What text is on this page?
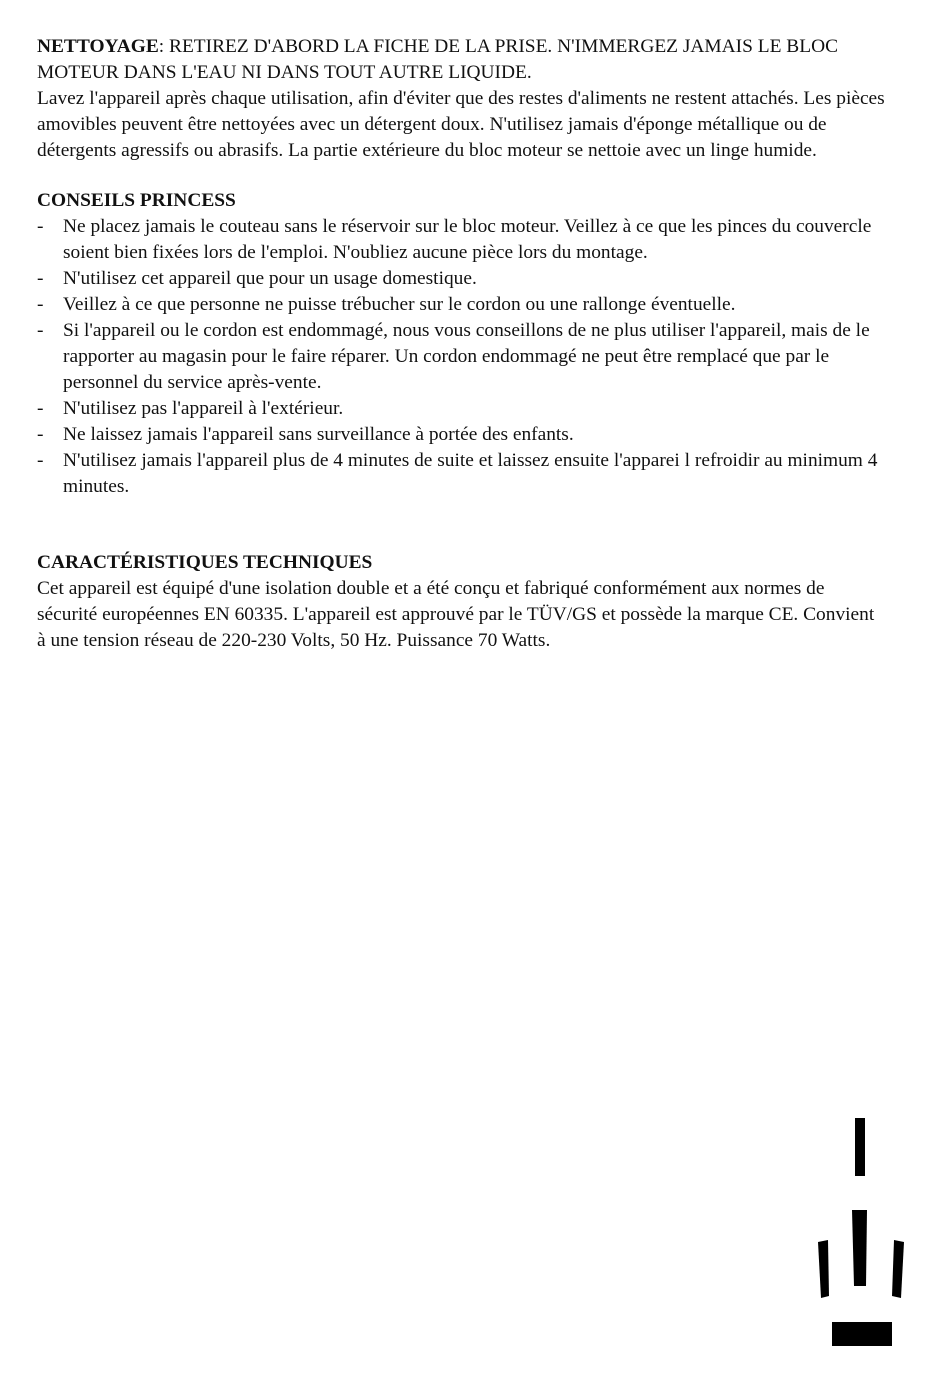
NETTOYAGE: RETIREZ D'ABORD LA FICHE DE LA PRISE. N'IMMERGEZ JAMAIS LE BLOC MOTEUR DANS L'EAU NI DANS TOUT AUTRE LIQUIDE.
Lavez l'appareil après chaque utilisation, afin d'éviter que des restes d'aliments ne restent attachés. Les pièces amovibles peuvent être nettoyées avec un détergent doux. N'utilisez jamais d'éponge métallique ou de détergents agressifs ou abrasifs. La partie extérieure du bloc moteur se nettoie avec un linge humide.

CONSEILS PRINCESS
- Ne placez jamais le couteau sans le réservoir sur le bloc moteur. Veillez à ce que les pinces du couvercle soient bien fixées lors de l'emploi. N'oubliez aucune pièce lors du montage.
- N'utilisez cet appareil que pour un usage domestique.
- Veillez à ce que personne ne puisse trébucher sur le cordon ou une rallonge éventuelle.
- Si l'appareil ou le cordon est endommagé, nous vous conseillons de ne plus utiliser l'appareil, mais de le rapporter au magasin pour le faire réparer. Un cordon endommagé ne peut être remplacé que par le personnel du service après-vente.
- N'utilisez pas l'appareil à l'extérieur.
- Ne laissez jamais l'appareil sans surveillance à portée des enfants.
- N'utilisez jamais l'appareil plus de 4 minutes de suite et laissez ensuite l'apparei l refroidir au minimum 4 minutes.
CARACTÉRISTIQUES TECHNIQUES

Cet appareil est équipé d'une isolation double et a été conçu et fabriqué conformément aux normes de sécurité européennes EN 60335. L'appareil est approuvé par le TÜV/GS et possède la marque CE. Convient à une tension réseau de 220-230 Volts, 50 Hz. Puissance 70 Watts.
